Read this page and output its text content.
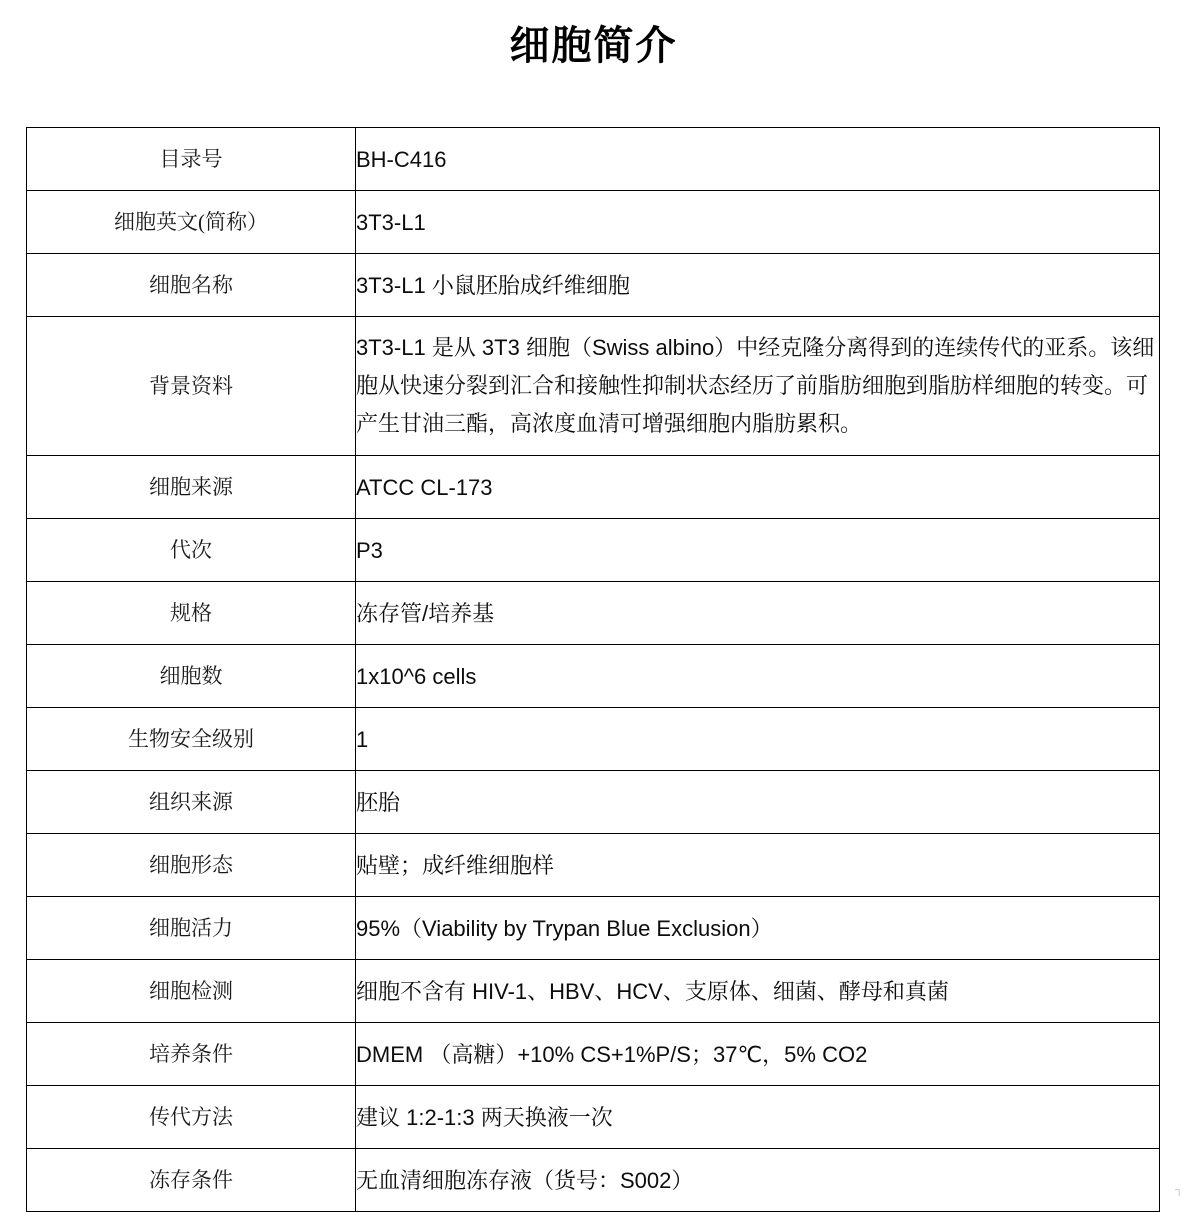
细胞简介
目录号	BH-C416
细胞英文(简称）	3T3-L1
细胞名称	3T3-L1 小鼠胚胎成纤维细胞
背景资料	3T3-L1 是从 3T3 细胞（Swiss albino）中经克隆分离得到的连续传代的亚系。该细胞从快速分裂到汇合和接触性抑制状态经历了前脂肪细胞到脂肪样细胞的转变。可产生甘油三酯，高浓度血清可增强细胞内脂肪累积。
细胞来源	ATCC CL-173
代次	P3
规格	冻存管/培养基
细胞数	1x10^6 cells
生物安全级别	1
组织来源	胚胎
细胞形态	贴壁；成纤维细胞样
细胞活力	95%（Viability by Trypan Blue Exclusion）
细胞检测	细胞不含有 HIV-1、HBV、HCV、支原体、细菌、酵母和真菌
培养条件	DMEM （高糖）+10% CS+1%P/S；37℃，5% CO2
传代方法	建议 1:2-1:3 两天换液一次
冻存条件	无血清细胞冻存液（货号：S002）	┐
